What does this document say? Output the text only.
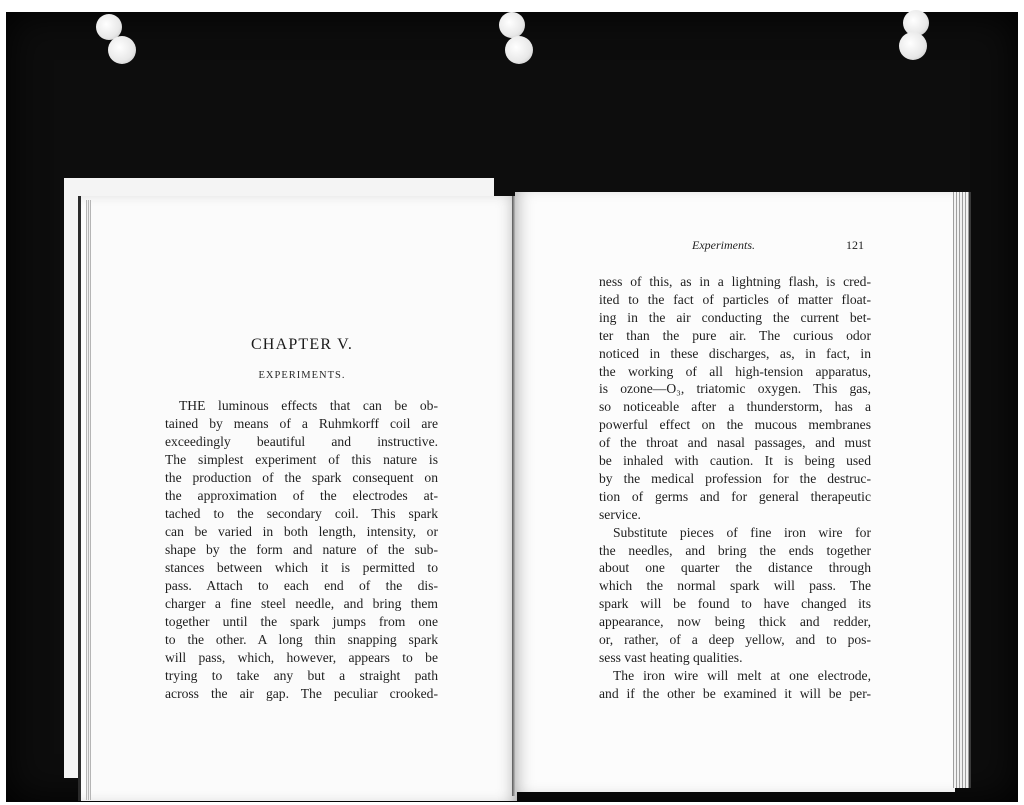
CHAPTER V.

EXPERIMENTS.

THE luminous effects that can be ob-

tained by means of a Ruhmkorff coil are

exceedingly beautiful and instructive.

The simplest experiment of this nature is

the production of the spark consequent on

the approximation of the electrodes at-

tached to the secondary coil. This spark

can be varied in both length, intensity, or

shape by the form and nature of the sub-

stances between which it is permitted to

pass. Attach to each end of the dis-

charger a fine steel needle, and bring them

together until the spark jumps from one

to the other. A long thin snapping spark

will pass, which, however, appears to be

trying to take any but a straight path

across the air gap. The peculiar crooked-

Experiments.	121

ness of this, as in a lightning flash, is cred-

ited to the fact of particles of matter float-

ing in the air conducting the current bet-

ter than the pure air. The curious odor

noticed in these discharges, as, in fact, in

the working of all high-tension apparatus,

is ozone—O₃, triatomic oxygen. This gas,

so noticeable after a thunderstorm, has a

powerful effect on the mucous membranes

of the throat and nasal passages, and must

be inhaled with caution. It is being used

by the medical profession for the destruc-

tion of germs and for general therapeutic

service.

Substitute pieces of fine iron wire for

the needles, and bring the ends together

about one quarter the distance through

which the normal spark will pass. The

spark will be found to have changed its

appearance, now being thick and redder,

or, rather, of a deep yellow, and to pos-

sess vast heating qualities.

The iron wire will melt at one electrode,

and if the other be examined it will be per-
